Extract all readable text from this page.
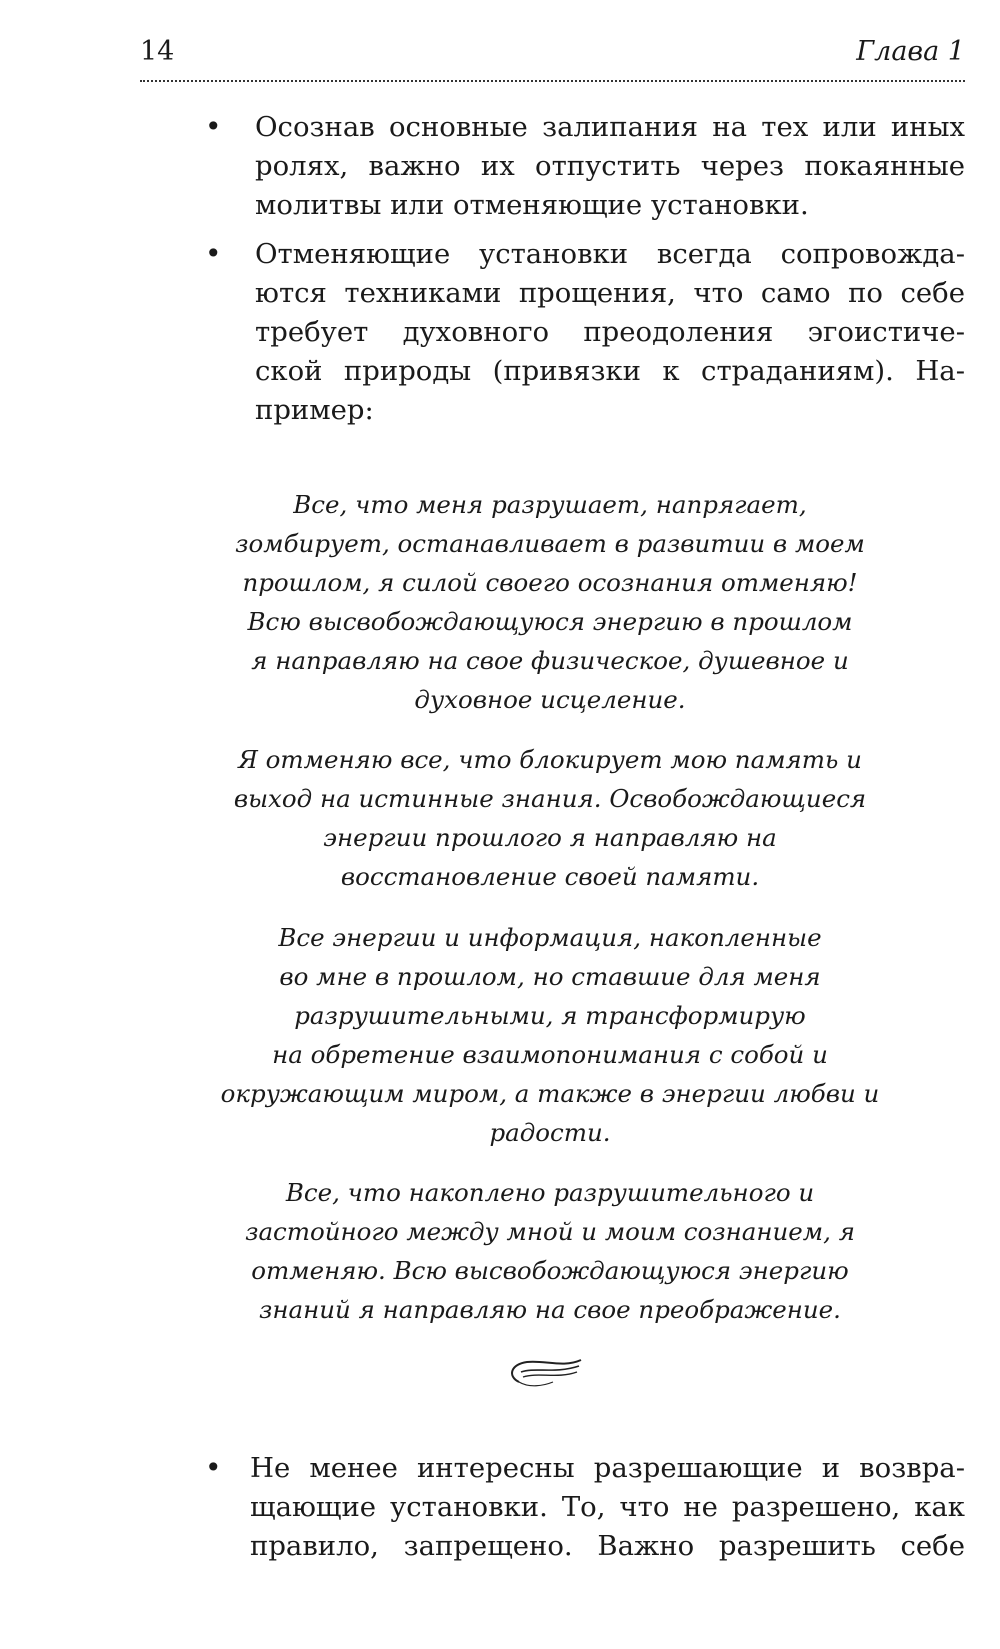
14	Глава 1
• Осознав основные залипания на тех или иных
ролях, важно их отпустить через покаянные
молитвы или отменяющие установки.
• Отменяющие установки всегда сопровожда-
ются техниками прощения, что само по себе
требует духовного преодоления эгоистиче-
ской природы (привязки к страданиям). На-
пример:
Все, что меня разрушает, напрягает,
зомбирует, останавливает в развитии в моем
прошлом, я силой своего осознания отменяю!
Всю высвобождающуюся энергию в прошлом
я направляю на свое физическое, душевное и
духовное исцеление.
Я отменяю все, что блокирует мою память и
выход на истинные знания. Освобождающиеся
энергии прошлого я направляю на
восстановление своей памяти.
Все энергии и информация, накопленные
во мне в прошлом, но ставшие для меня
разрушительными, я трансформирую
на обретение взаимопонимания с собой и
окружающим миром, а также в энергии любви и
радости.
Все, что накоплено разрушительного и
застойного между мной и моим сознанием, я
отменяю. Всю высвобождающуюся энергию
знаний я направляю на свое преображение.
• Не менее интересны разрешающие и возвра-
щающие установки. То, что не разрешено, как
правило, запрещено. Важно разрешить себе
